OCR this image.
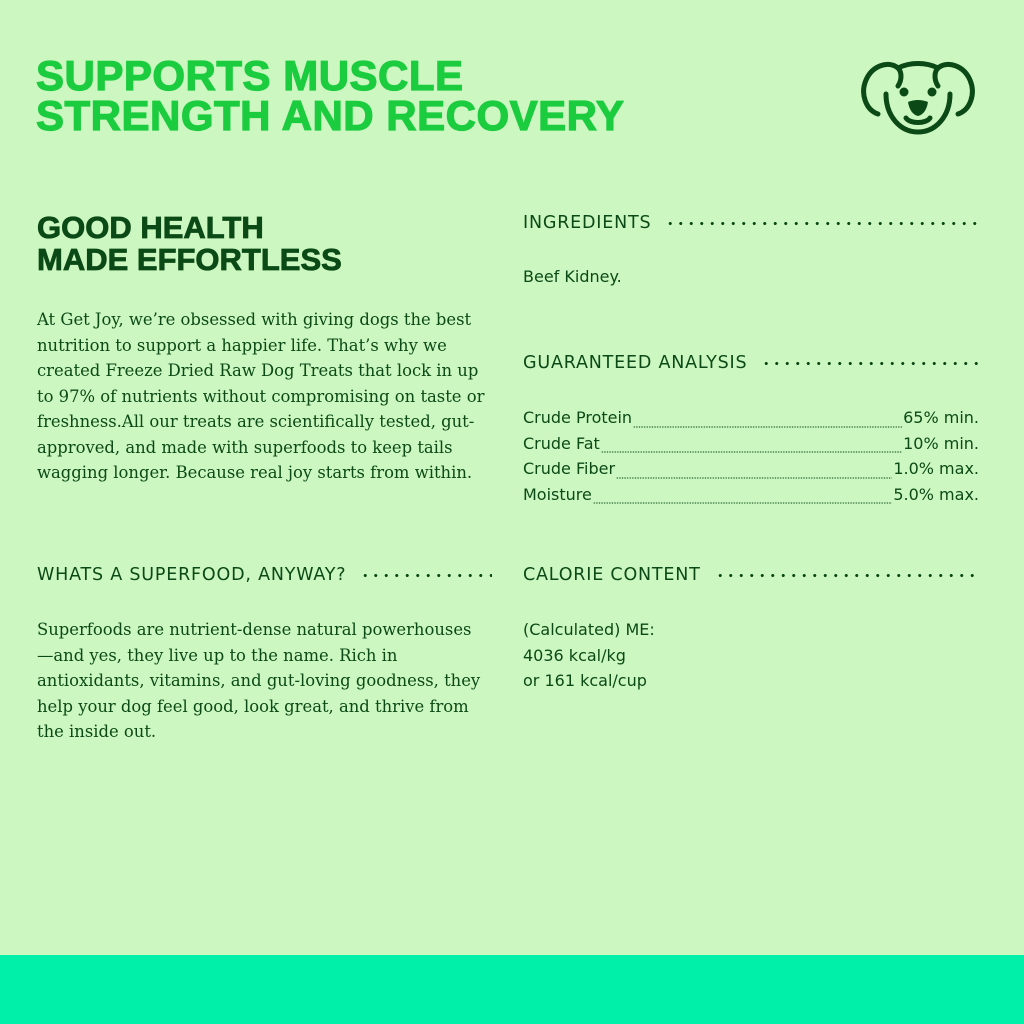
SUPPORTS MUSCLE
STRENGTH AND RECOVERY
GOOD HEALTH
MADE EFFORTLESS

At Get Joy, we’re obsessed with giving dogs the best nutrition to support a happier life. That’s why we created Freeze Dried Raw Dog Treats that lock in up to 97% of nutrients without compromising on taste or freshness.All our treats are scientifically tested, gut-approved, and made with superfoods to keep tails wagging longer. Because real joy starts from within.

WHATS A SUPERFOOD, ANYWAY?

Superfoods are nutrient-dense natural powerhouses—and yes, they live up to the name. Rich in antioxidants, vitamins, and gut-loving goodness, they help your dog feel good, look great, and thrive from the inside out.

INGREDIENTS

Beef Kidney.

GUARANTEED ANALYSIS
Crude Protein	65% min.
Crude Fat	10% min.
Crude Fiber	1.0% max.
Moisture	5.0% max.
CALORIE CONTENT

(Calculated) ME:
4036 kcal/kg
or 161 kcal/cup
